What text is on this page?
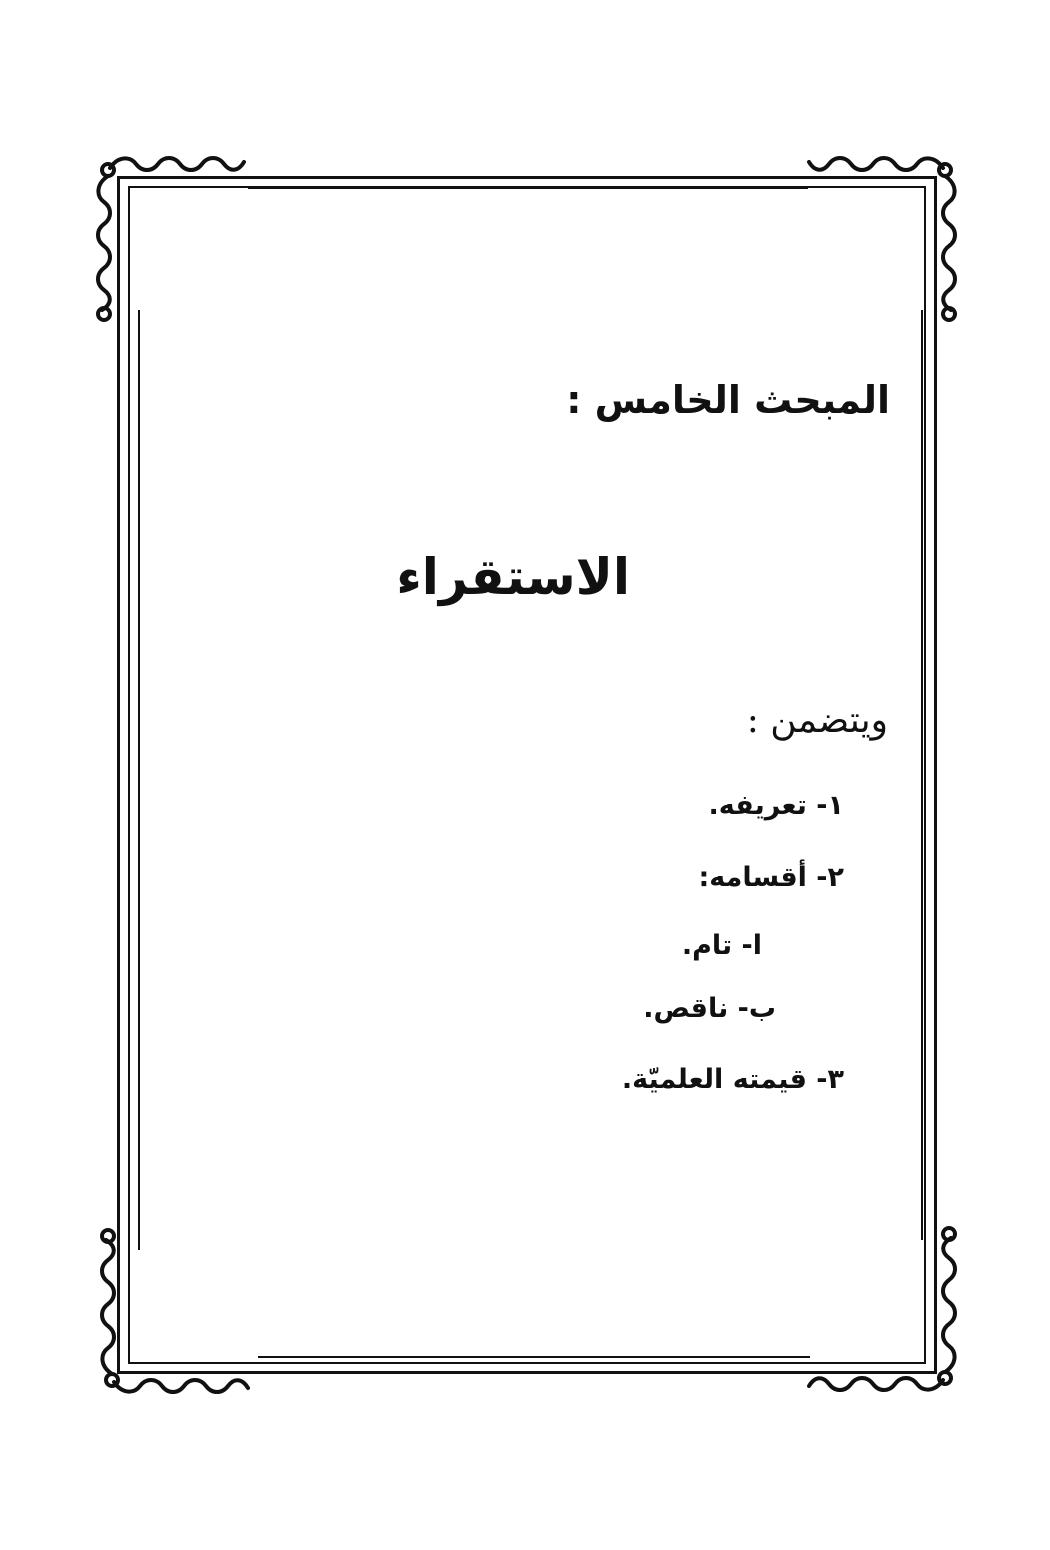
المبحث الخامس :
الاستقراء
ويتضمن :
١- تعريفه.
٢- أقسامه:
ا- تام.
ب- ناقص.
٣- قيمته العلميّة.
